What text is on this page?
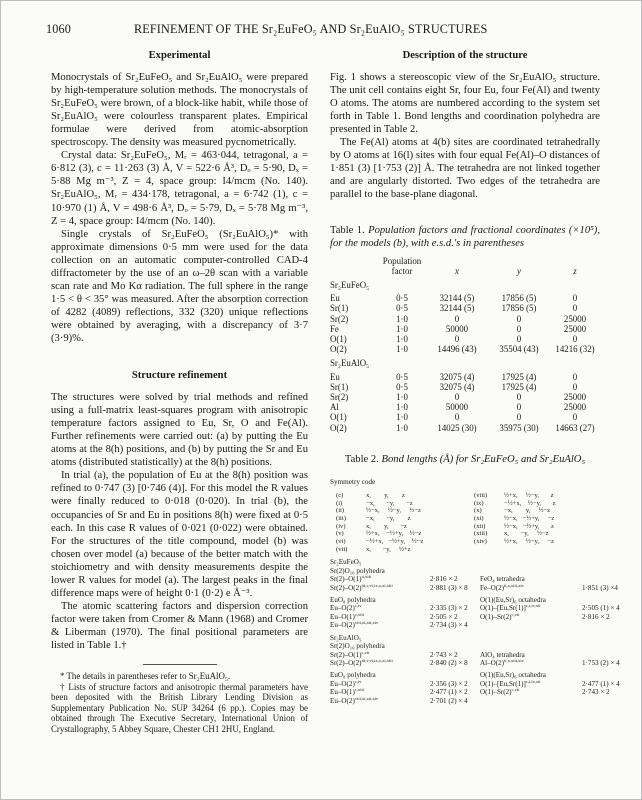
1060	REFINEMENT OF THE Sr₂EuFeO₅ AND Sr₂EuAlO₅ STRUCTURES
Experimental

Monocrystals of Sr₂EuFeO₅ and Sr₂EuAlO₅ were prepared by high-temperature solution methods. The monocrystals of Sr₂EuFeO₅ were brown, of a block-like habit, while those of Sr₂EuAlO₅ were colourless transparent plates. Empirical formulae were derived from atomic-absorption spectroscopy. The density was measured pycnometrically.

Crystal data: Sr₂EuFeO₅, Mᵣ = 463·044, tetragonal, a = 6·812 (3), c = 11·263 (3) Å, V = 522·6 Å³, Dₒ = 5·90, Dₓ = 5·88 Mg m⁻³, Z = 4, space group: I4/mcm (No. 140). Sr₂EuAlO₅, Mᵣ = 434·178, tetragonal, a = 6·742 (1), c = 10·970 (1) Å, V = 498·6 Å³, Dₒ = 5·79, Dₓ = 5·78 Mg m⁻³, Z = 4, space group: I4/mcm (No. 140).

Single crystals of Sr₂EuFeO₅ (Sr₂EuAlO₅)* with approximate dimensions 0·5 mm were used for the data collection on an automatic computer-controlled CAD-4 diffractometer by the use of an ω–2θ scan with a variable scan rate and Mo Kα radiation. The full sphere in the range 1·5 < θ < 35° was measured. After the absorption correction of 4282 (4089) reflections, 332 (320) unique reflections were obtained by averaging, with a discrepancy of 3·7 (3·9)%.

Structure refinement

The structures were solved by trial methods and refined using a full-matrix least-squares program with anisotropic temperature factors assigned to Eu, Sr, O and Fe(Al). Further refinements were carried out: (a) by putting the Eu atoms at the 8(h) positions, and (b) by putting the Sr and Eu atoms (distributed statistically) at the 8(h) positions.

In trial (a), the population of Eu at the 8(h) position was refined to 0·747 (3) [0·746 (4)]. For this model the R values were finally reduced to 0·018 (0·020). In trial (b), the occupancies of Sr and Eu in positions 8(h) were fixed at 0·5 each. In this case R values of 0·021 (0·022) were obtained. For the structures of the title compound, model (b) was chosen over model (a) because of the better match with the stoichiometry and with density measurements despite the lower R values for model (a). The largest peaks in the final difference maps were of height 0·1 (0·2) e Å⁻³.

The atomic scattering factors and dispersion correction factor were taken from Cromer & Mann (1968) and Cromer & Liberman (1970). The final positional parameters are listed in Table 1.†

* The details in parentheses refer to Sr₂EuAlO₅.

† Lists of structure factors and anisotropic thermal parameters have been deposited with the British Library Lending Division as Supplementary Publication No. SUP 34264 (6 pp.). Copies may be obtained through The Executive Secretary, International Union of Crystallography, 5 Abbey Square, Chester CH1 2HU, England.

Description of the structure

Fig. 1 shows a stereoscopic view of the Sr₂EuAlO₅ structure. The unit cell contains eight Sr, four Eu, four Fe(Al) and twenty O atoms. The atoms are numbered according to the system set forth in Table 1. Bond lengths and coordination polyhedra are presented in Table 2.

The Fe(Al) atoms at 4(b) sites are coordinated tetrahedrally by O atoms at 16(l) sites with four equal Fe(Al)–O distances of 1·851 (3) [1·753 (2)] Å. The tetrahedra are not linked together and are angularly distorted. Two edges of the tetrahedra are parallel to the base-plane diagonal.

Table 1. Population factors and fractional coordinates (×10⁵), for the models (b), with e.s.d.'s in parentheses
	Population factor	x	y	z
Sr₂EuFeO₅				
Eu	0·5	32144 (5)	17856 (5)	0
Sr(1)	0·5	32144 (5)	17856 (5)	0
Sr(2)	1·0	0	0	25000
Fe	1·0	50000	0	25000
O(1)	1·0	0	0	0
O(2)	1·0	14496 (43)	35504 (43)	14216 (32)
Sr₂EuAlO₅				
Eu	0·5	32075 (4)	17925 (4)	0
Sr(1)	0·5	32075 (4)	17925 (4)	0
Sr(2)	1·0	0	0	25000
Al	1·0	50000	0	25000
O(1)	1·0	0	0	0
O(2)	1·0	14025 (30)	35975 (30)	14663 (27)
Table 2. Bond lengths (Å) for Sr₂EuFeO₅ and Sr₂EuAlO₅
Symmetry code
(c)	x,        y,        z	(viii)	½+x,     ½−y,       z
(i)	−x,       −y,       −z	(ix)	−½+x,    ½−y,       z
(ii)	½−x,     ½−y,     ½−z	(x)	−x,        y,     ½−z
(iii)	−x,       −y,        z	(xi)	½−x,   −½+y,     −z
(iv)	x,        y,       −z	(xii)	½−x,   −½+y,       z
(v)	½+x,    −½+y,    ½−z	(xiii)	x,       −y,     ½−z
(vi)	−½+x,   −½+y,    ½−z	(xiv)	½+x,     ½−y,     −z
(vii)	x,       −y,     ½+z
Sr₂EuFeO₅
Sr(2)O₁₀ polyhedra
$Sr(2)-O(1)^{ii,xiii}$	2·816 × 2	FeO₄ tetrahedra
$Sr(2)-O(2)^{iii,v,vi,ix,x,xi,xiii}$	2·881 (3) × 8	$Fe-O(2)^{ii,x,xiii,xiv}$	1·851 (3) ×4
EuO₈ polyhedra	O(1)(Eu,Sr)₆ octahedra
$Eu-O(2)^{c,iv}$	2·335 (3) × 2	$O(1)-[Eu,Sr(1)]^{c,i,iv,xii}$	2·505 (1) × 4
$Eu-O(1)^{c,xiii}$	2·505 × 2	$O(1)-Sr(2)^{c,vii}$	2·816 × 2
$Eu-O(2)^{viii,xi,xii,xiv}$	2·734 (3) × 4
Sr₂EuAlO₅
Sr(2)O₁₀ polyhedra
$Sr(2)-O(1)^{c,vii}$	2·743 × 2	AlO₄ tetrahedra
$Sr(2)-O(2)^{iii,v,vi,ix,x,xi,xiii}$	2·840 (2) × 8	$Al-O(2)^{ii,x,xiii,xiv}$	1·753 (2) × 4
EuO₈ polyhedra	O(1)(Eu,Sr)₆ octahedra
$Eu-O(2)^{c,iv}$	2·356 (3) × 2	$O(1)-[Eu,Sr(1)]^{c,i,iv,xii}$	2·477 (1) × 4
$Eu-O(1)^{c,xiii}$	2·477 (1) × 2	$O(1)-Sr(2)^{c,vii}$	2·743 × 2
$Eu-O(2)^{viii,xi,xii,xiv}$	2·701 (2) × 4
